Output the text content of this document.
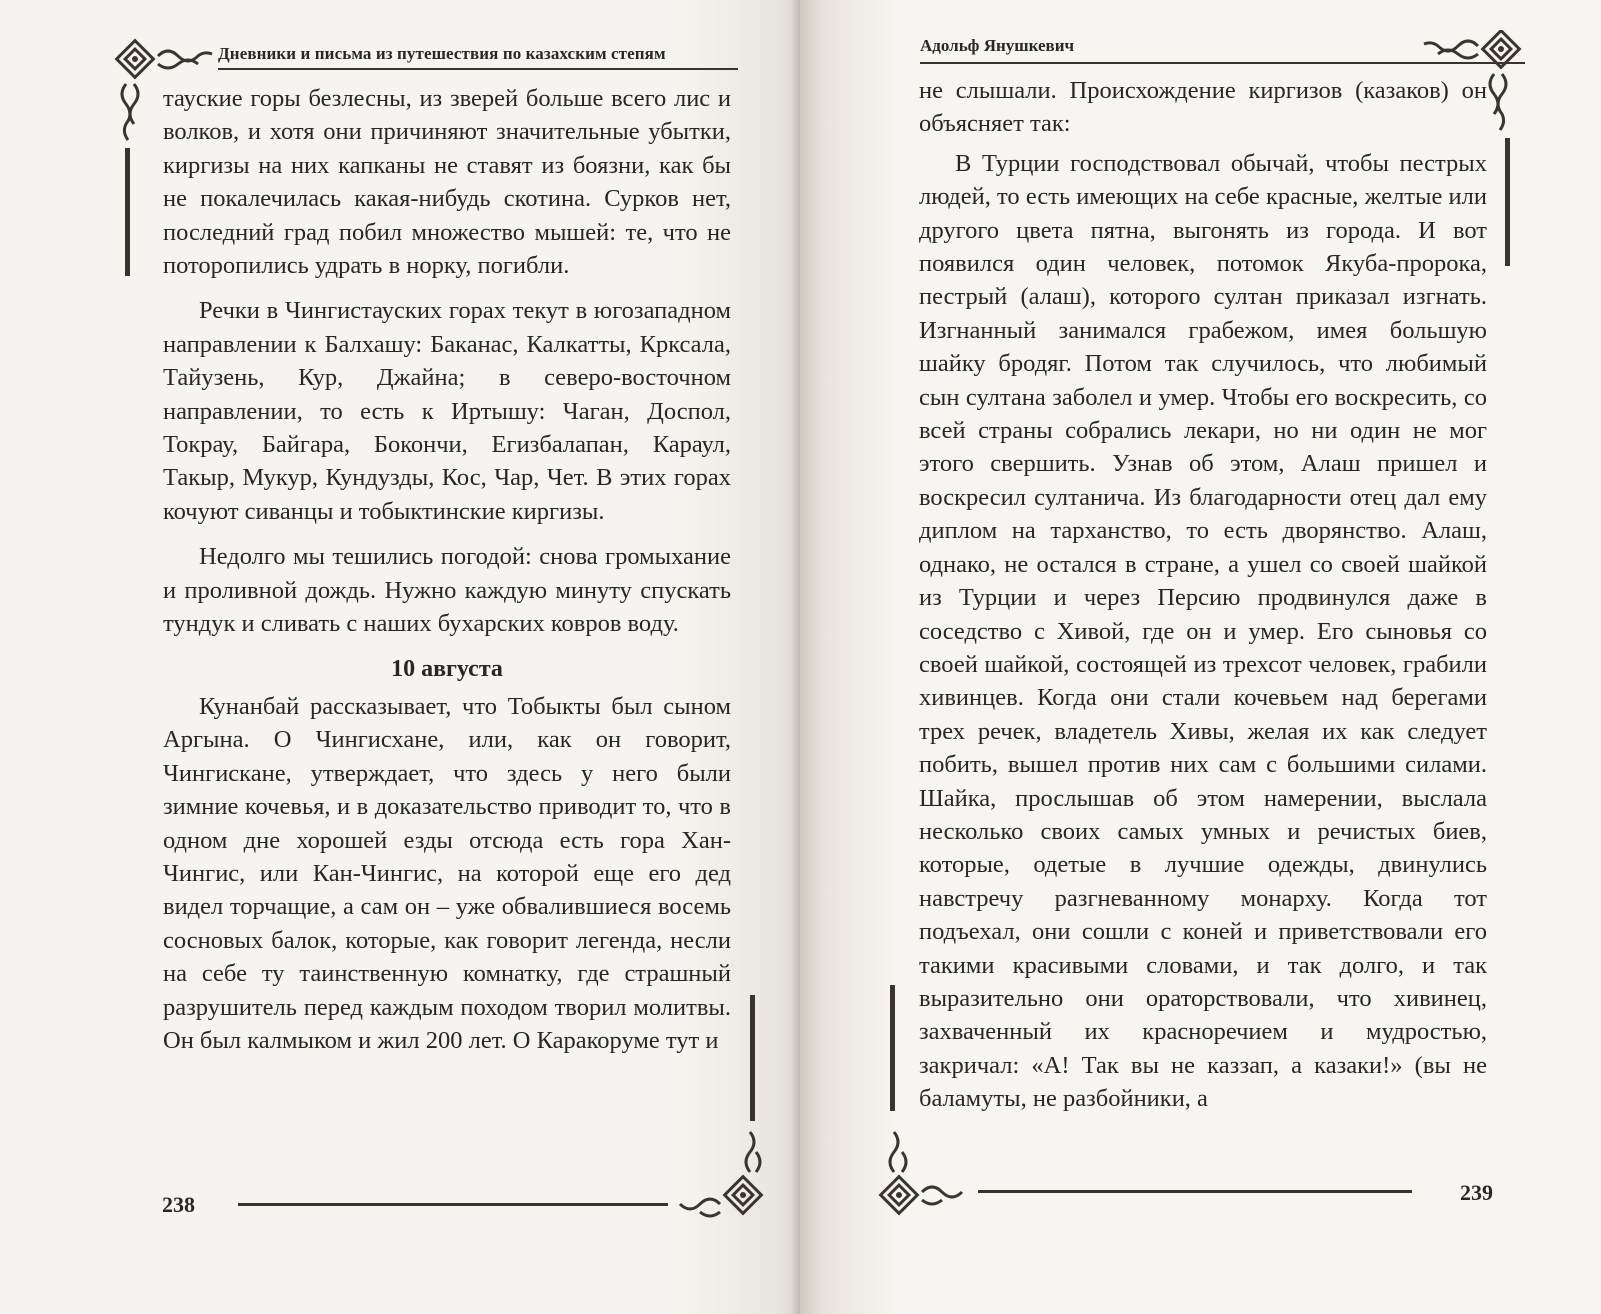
Дневники и письма из путешествия по казахским степям

таускиe горы безлесны, из зверей больше всего лис и волков, и хотя они причиняют значительные убытки, киргизы на них капканы не ставят из боязни, как бы не покалечилась какая-нибудь скотина. Сурков нет, последний град побил множество мышей: те, что не поторопились удрать в норку, погибли.

Речки в Чингистауских горах текут в югозападном направлении к Балхашу: Баканас, Калкатты, Крксала, Тайузень, Кур, Джайна; в северо-восточном направлении, то есть к Иртышу: Чаган, Доспол, Токрау, Байгара, Бокончи, Егизбалапан, Караул, Такыр, Мукур, Кундузды, Кос, Чар, Чет. В этих горах кочуют сиванцы и тобыктинские киргизы.

Недолго мы тешились погодой: снова громыхание и проливной дождь. Нужно каждую минуту спускать тундук и сливать с наших бухарских ковров воду.

10 августа

Кунанбай рассказывает, что Тобыкты был сыном Аргына. О Чингисхане, или, как он говорит, Чингискане, утверждает, что здесь у него были зимние кочевья, и в доказательство приводит то, что в одном дне хорошей езды отсюда есть гора Хан-Чингис, или Кан-Чингис, на которой еще его дед видел торчащие, а сам он – уже обвалившиеся восемь сосновых балок, которые, как говорит легенда, несли на себе ту таинственную комнатку, где страшный разрушитель перед каждым походом творил молитвы. Он был калмыком и жил 200 лет. О Каракоруме тут и

238
Адольф Янушкевич

не слышали. Происхождение киргизов (казаков) он объясняет так:

В Турции господствовал обычай, чтобы пестрых людей, то есть имеющих на себе красные, желтые или другого цвета пятна, выгонять из города. И вот появился один человек, потомок Якуба-пророка, пестрый (алаш), которого султан приказал изгнать. Изгнанный занимался грабежом, имея большую шайку бродяг. Потом так случилось, что любимый сын султана заболел и умер. Чтобы его воскресить, со всей страны собрались лекари, но ни один не мог этого свершить. Узнав об этом, Алаш пришел и воскресил султанича. Из благодарности отец дал ему диплом на тарханство, то есть дворянство. Алаш, однако, не остался в стране, а ушел со своей шайкой из Турции и через Персию продвинулся даже в соседство с Хивой, где он и умер. Его сыновья со своей шайкой, состоящей из трехсот человек, грабили хивинцев. Когда они стали кочевьем над берегами трех речек, владетель Хивы, желая их как следует побить, вышел против них сам с большими силами. Шайка, прослышав об этом намерении, выслала несколько своих самых умных и речистых биев, которые, одетые в лучшие одежды, двинулись навстречу разгневанному монарху. Когда тот подъехал, они сошли с коней и приветствовали его такими красивыми словами, и так долго, и так выразительно они ораторствовали, что хивинец, захваченный их красноречием и мудростью, закричал: «А! Так вы не каззап, а казаки!» (вы не баламуты, не разбойники, а

239
